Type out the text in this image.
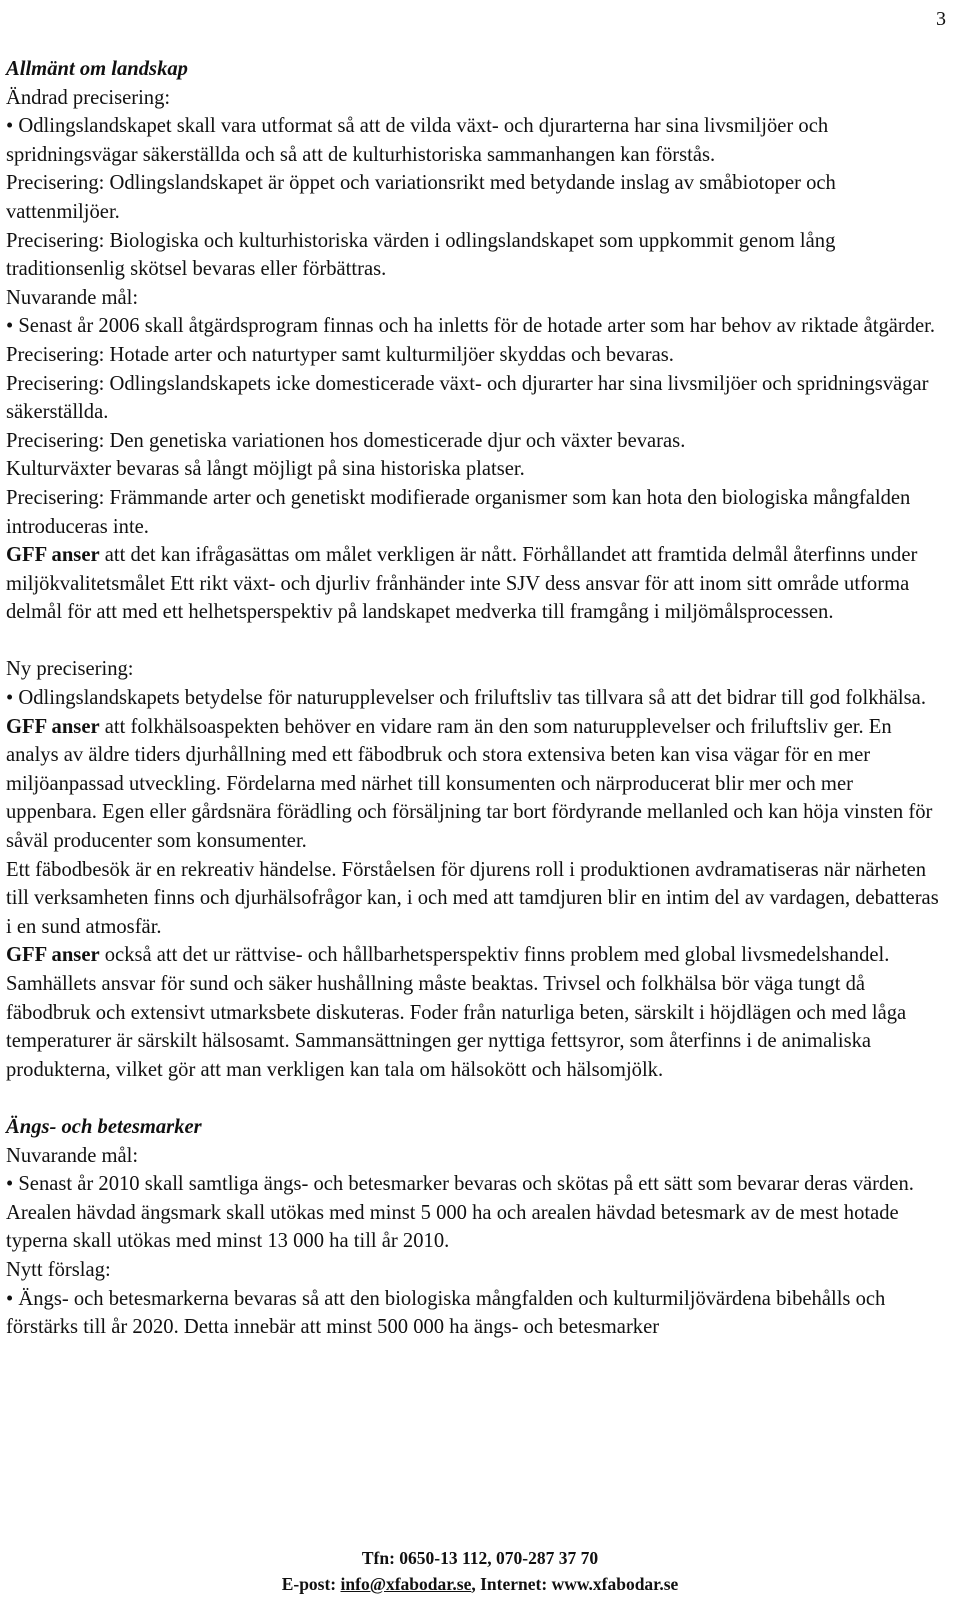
3

Allmänt om landskap

Ändrad precisering:

• Odlingslandskapet skall vara utformat så att de vilda växt- och djurarterna har sina livsmiljöer och spridningsvägar säkerställda och så att de kulturhistoriska sammanhangen kan förstås.

Precisering: Odlingslandskapet är öppet och variationsrikt med betydande inslag av småbiotoper och vattenmiljöer.

Precisering: Biologiska och kulturhistoriska värden i odlingslandskapet som uppkommit genom lång traditionsenlig skötsel bevaras eller förbättras.

Nuvarande mål:

• Senast år 2006 skall åtgärdsprogram finnas och ha inletts för de hotade arter som har behov av riktade åtgärder.

Precisering: Hotade arter och naturtyper samt kulturmiljöer skyddas och bevaras.

Precisering: Odlingslandskapets icke domesticerade växt- och djurarter har sina livsmiljöer och spridningsvägar säkerställda.

Precisering: Den genetiska variationen hos domesticerade djur och växter bevaras.

Kulturväxter bevaras så långt möjligt på sina historiska platser.

Precisering: Främmande arter och genetiskt modifierade organismer som kan hota den biologiska mångfalden introduceras inte.

GFF anser att det kan ifrågasättas om målet verkligen är nått. Förhållandet att framtida delmål återfinns under miljökvalitetsmålet Ett rikt växt- och djurliv frånhänder inte SJV dess ansvar för att inom sitt område utforma delmål för att med ett helhetsperspektiv på landskapet medverka till framgång i miljömålsprocessen.

Ny precisering:

• Odlingslandskapets betydelse för naturupplevelser och friluftsliv tas tillvara så att det bidrar till god folkhälsa.

GFF anser att folkhälsoaspekten behöver en vidare ram än den som naturupplevelser och friluftsliv ger. En analys av äldre tiders djurhållning med ett fäbodbruk och stora extensiva beten kan visa vägar för en mer miljöanpassad utveckling. Fördelarna med närhet till konsumenten och närproducerat blir mer och mer uppenbara. Egen eller gårdsnära förädling och försäljning tar bort fördyrande mellanled och kan höja vinsten för såväl producenter som konsumenter.

Ett fäbodbesök är en rekreativ händelse. Förståelsen för djurens roll i produktionen avdramatiseras när närheten till verksamheten finns och djurhälsofrågor kan, i och med att tamdjuren blir en intim del av vardagen, debatteras i en sund atmosfär.

GFF anser också att det ur rättvise- och hållbarhetsperspektiv finns problem med global livsmedelshandel. Samhällets ansvar för sund och säker hushållning måste beaktas. Trivsel och folkhälsa bör väga tungt då fäbodbruk och extensivt utmarksbete diskuteras. Foder från naturliga beten, särskilt i höjdlägen och med låga temperaturer är särskilt hälsosamt. Sammansättningen ger nyttiga fettsyror, som återfinns i de animaliska produkterna, vilket gör att man verkligen kan tala om hälsokött och hälsomjölk.

Ängs- och betesmarker

Nuvarande mål:

• Senast år 2010 skall samtliga ängs- och betesmarker bevaras och skötas på ett sätt som bevarar deras värden. Arealen hävdad ängsmark skall utökas med minst 5 000 ha och arealen hävdad betesmark av de mest hotade typerna skall utökas med minst 13 000 ha till år 2010.

Nytt förslag:

• Ängs- och betesmarkerna bevaras så att den biologiska mångfalden och kulturmiljövärdena bibehålls och förstärks till år 2020. Detta innebär att minst 500 000 ha ängs- och betesmarker

Tfn: 0650-13 112, 070-287 37 70
E-post: info@xfabodar.se, Internet: www.xfabodar.se
